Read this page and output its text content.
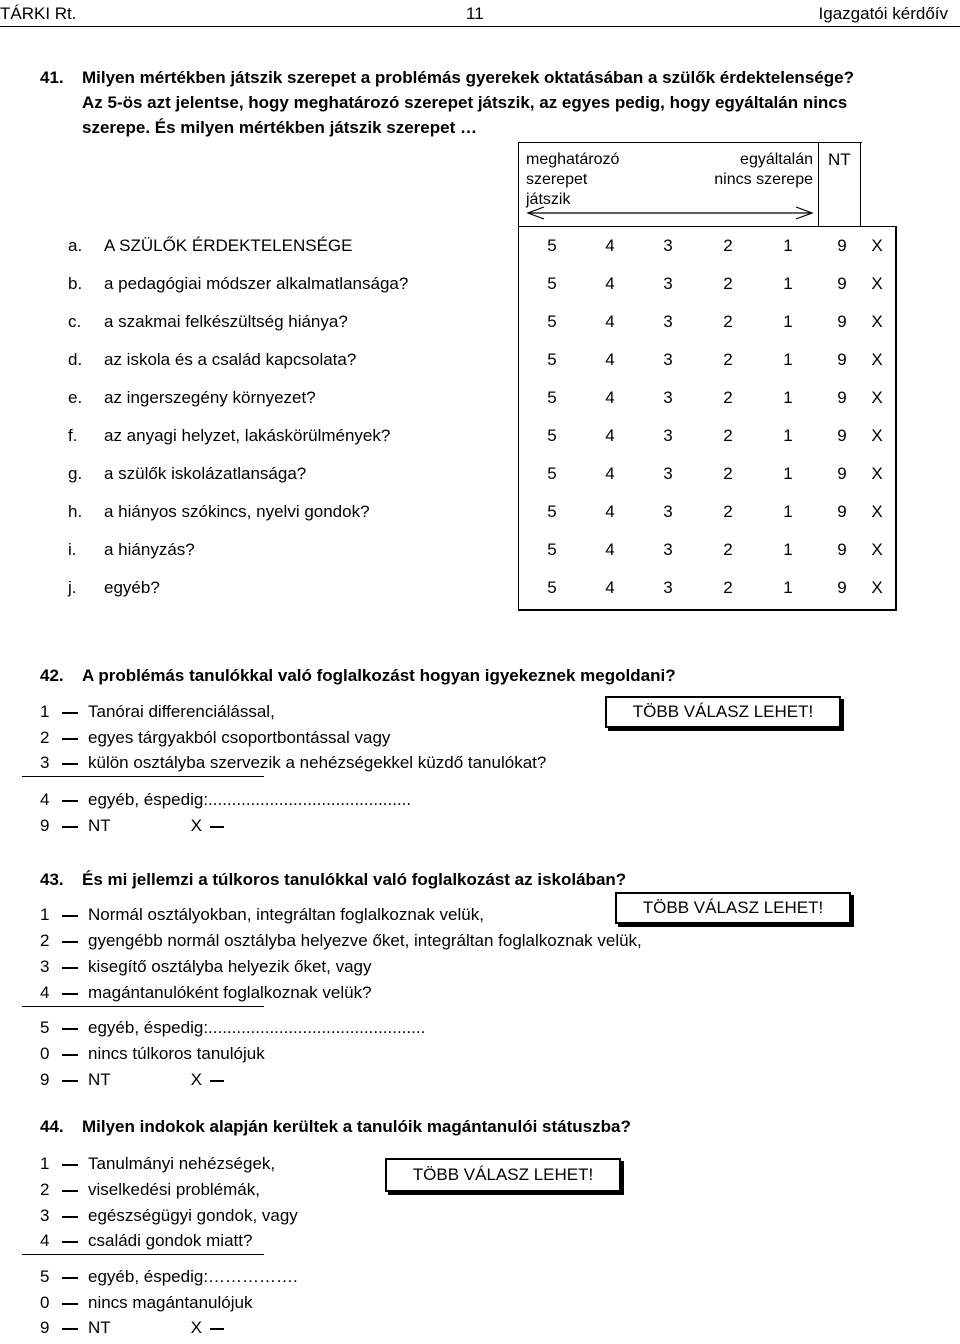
TÁRKI Rt.	11	Igazgatói kérdőív
41. Milyen mértékben játszik szerepet a problémás gyerekek oktatásában a szülők érdektelensége?
Az 5-ös azt jelentse, hogy meghatározó szerepet játszik, az egyes pedig, hogy egyáltalán nincs
szerepe. És milyen mértékben játszik szerepet …
meghatározó
szerepet
játszik
egyáltalán
nincs szerepe
NT
a. A SZÜLŐK ÉRDEKTELENSÉGE	5	4	3	2	1	9	X
b. a pedagógiai módszer alkalmatlansága?	5	4	3	2	1	9	X
c. a szakmai felkészültség hiánya?	5	4	3	2	1	9	X
d. az iskola és a család kapcsolata?	5	4	3	2	1	9	X
e. az ingerszegény környezet?	5	4	3	2	1	9	X
f. az anyagi helyzet, lakáskörülmények?	5	4	3	2	1	9	X
g. a szülők iskolázatlansága?	5	4	3	2	1	9	X
h. a hiányos szókincs, nyelvi gondok?	5	4	3	2	1	9	X
i. a hiányzás?	5	4	3	2	1	9	X
j. egyéb?	5	4	3	2	1	9	X
42. A problémás tanulókkal való foglalkozást hogyan igyekeznek megoldani?
TÖBB VÁLASZ LEHET!
1 Tanórai differenciálással,
2 egyes tárgyakból csoportbontással vagy
3 külön osztályba szervezik a nehézségekkel küzdő tanulókat?
4 egyéb, éspedig:...........................................
9 NT	X
43. És mi jellemzi a túlkoros tanulókkal való foglalkozást az iskolában?
TÖBB VÁLASZ LEHET!
1 Normál osztályokban, integráltan foglalkoznak velük,
2 gyengébb normál osztályba helyezve őket, integráltan foglalkoznak velük,
3 kisegítő osztályba helyezik őket, vagy
4 magántanulóként foglalkoznak velük?
5 egyéb, éspedig:..............................................
0 nincs túlkoros tanulójuk
9 NT	X
44. Milyen indokok alapján kerültek a tanulóik magántanulói státuszba?
TÖBB VÁLASZ LEHET!
1 Tanulmányi nehézségek,
2 viselkedési problémák,
3 egészségügyi gondok, vagy
4 családi gondok miatt?
5 egyéb, éspedig:…………….
0 nincs magántanulójuk
9 NT	X
